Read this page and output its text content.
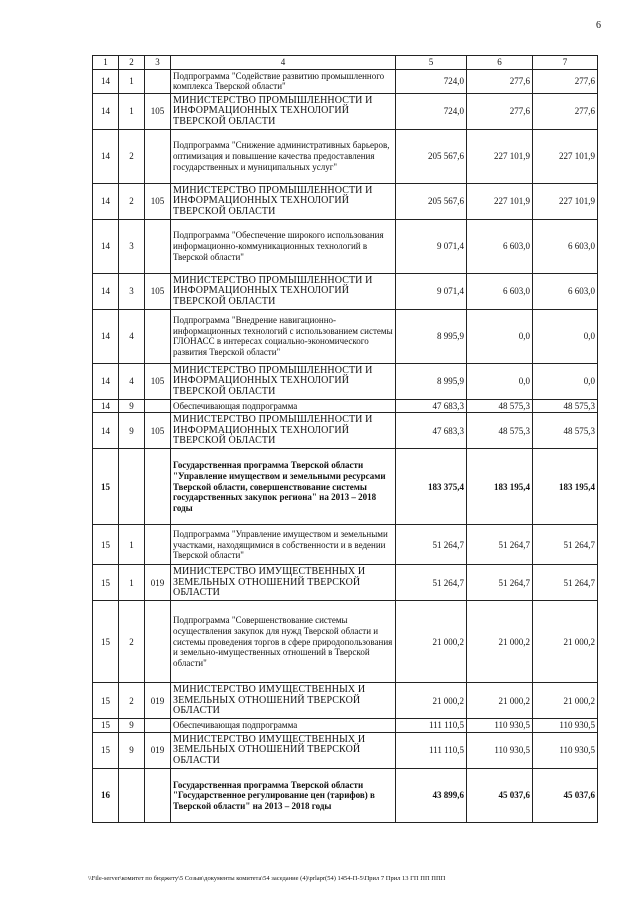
6
1	2	3	4	5	6	7
14	1		Подпрограмма "Содействие развитию промышленного комплекса Тверской области"	724,0	277,6	277,6
14	1	105	МИНИСТЕРСТВО ПРОМЫШЛЕННОСТИ И ИНФОРМАЦИОННЫХ ТЕХНОЛОГИЙ ТВЕРСКОЙ ОБЛАСТИ	724,0	277,6	277,6
14	2		Подпрограмма "Снижение административных барьеров, оптимизация и повышение качества предоставления государственных и муниципальных услуг"	205 567,6	227 101,9	227 101,9
14	2	105	МИНИСТЕРСТВО ПРОМЫШЛЕННОСТИ И ИНФОРМАЦИОННЫХ ТЕХНОЛОГИЙ ТВЕРСКОЙ ОБЛАСТИ	205 567,6	227 101,9	227 101,9
14	3		Подпрограмма "Обеспечение широкого использования информационно-коммуникационных технологий в Тверской области"	9 071,4	6 603,0	6 603,0
14	3	105	МИНИСТЕРСТВО ПРОМЫШЛЕННОСТИ И ИНФОРМАЦИОННЫХ ТЕХНОЛОГИЙ ТВЕРСКОЙ ОБЛАСТИ	9 071,4	6 603,0	6 603,0
14	4		Подпрограмма "Внедрение навигационно-информационных технологий с использованием системы ГЛОНАСС в интересах социально-экономического развития Тверской области"	8 995,9	0,0	0,0
14	4	105	МИНИСТЕРСТВО ПРОМЫШЛЕННОСТИ И ИНФОРМАЦИОННЫХ ТЕХНОЛОГИЙ ТВЕРСКОЙ ОБЛАСТИ	8 995,9	0,0	0,0
14	9		Обеспечивающая подпрограмма	47 683,3	48 575,3	48 575,3
14	9	105	МИНИСТЕРСТВО ПРОМЫШЛЕННОСТИ И ИНФОРМАЦИОННЫХ ТЕХНОЛОГИЙ ТВЕРСКОЙ ОБЛАСТИ	47 683,3	48 575,3	48 575,3
15			Государственная программа Тверской области "Управление имуществом и земельными ресурсами Тверской области, совершенствование системы государственных закупок региона" на 2013 – 2018 годы	183 375,4	183 195,4	183 195,4
15	1		Подпрограмма "Управление имуществом и земельными участками, находящимися в собственности и в ведении Тверской области"	51 264,7	51 264,7	51 264,7
15	1	019	МИНИСТЕРСТВО ИМУЩЕСТВЕННЫХ И ЗЕМЕЛЬНЫХ ОТНОШЕНИЙ ТВЕРСКОЙ ОБЛАСТИ	51 264,7	51 264,7	51 264,7
15	2		Подпрограмма "Совершенствование системы осуществления закупок для нужд Тверской области и системы проведения торгов в сфере природопользования и земельно-имущественных отношений в Тверской области"	21 000,2	21 000,2	21 000,2
15	2	019	МИНИСТЕРСТВО ИМУЩЕСТВЕННЫХ И ЗЕМЕЛЬНЫХ ОТНОШЕНИЙ ТВЕРСКОЙ ОБЛАСТИ	21 000,2	21 000,2	21 000,2
15	9		Обеспечивающая подпрограмма	111 110,5	110 930,5	110 930,5
15	9	019	МИНИСТЕРСТВО ИМУЩЕСТВЕННЫХ И ЗЕМЕЛЬНЫХ ОТНОШЕНИЙ ТВЕРСКОЙ ОБЛАСТИ	111 110,5	110 930,5	110 930,5
16			Государственная программа Тверской области "Государственное регулирование цен (тарифов) в Тверской области" на 2013 – 2018 годы	43 899,6	45 037,6	45 037,6
\\File-server\комитет по бюджету\5 Созыв\документы комитета\54 заседание (4)\prlapr(54) 1454-П-5\Прил 7 Прил 13 ГП ПП ППП
